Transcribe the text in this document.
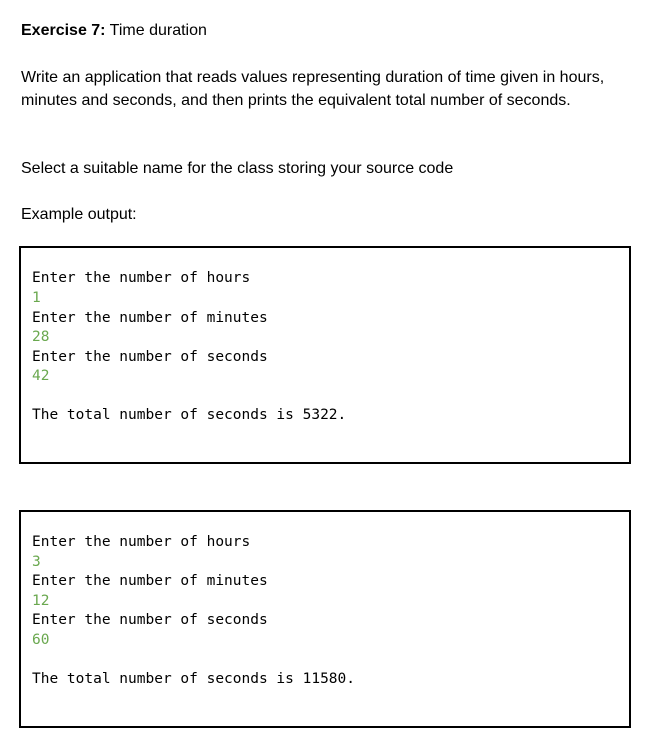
Exercise 7: Time duration
Write an application that reads values representing duration of time given in hours, minutes and seconds, and then prints the equivalent total number of seconds.
Select a suitable name for the class storing your source code
Example output:
Enter the number of hours
1
Enter the number of minutes
28
Enter the number of seconds
42
The total number of seconds is 5322.
Enter the number of hours
3
Enter the number of minutes
12
Enter the number of seconds
60
The total number of seconds is 11580.
